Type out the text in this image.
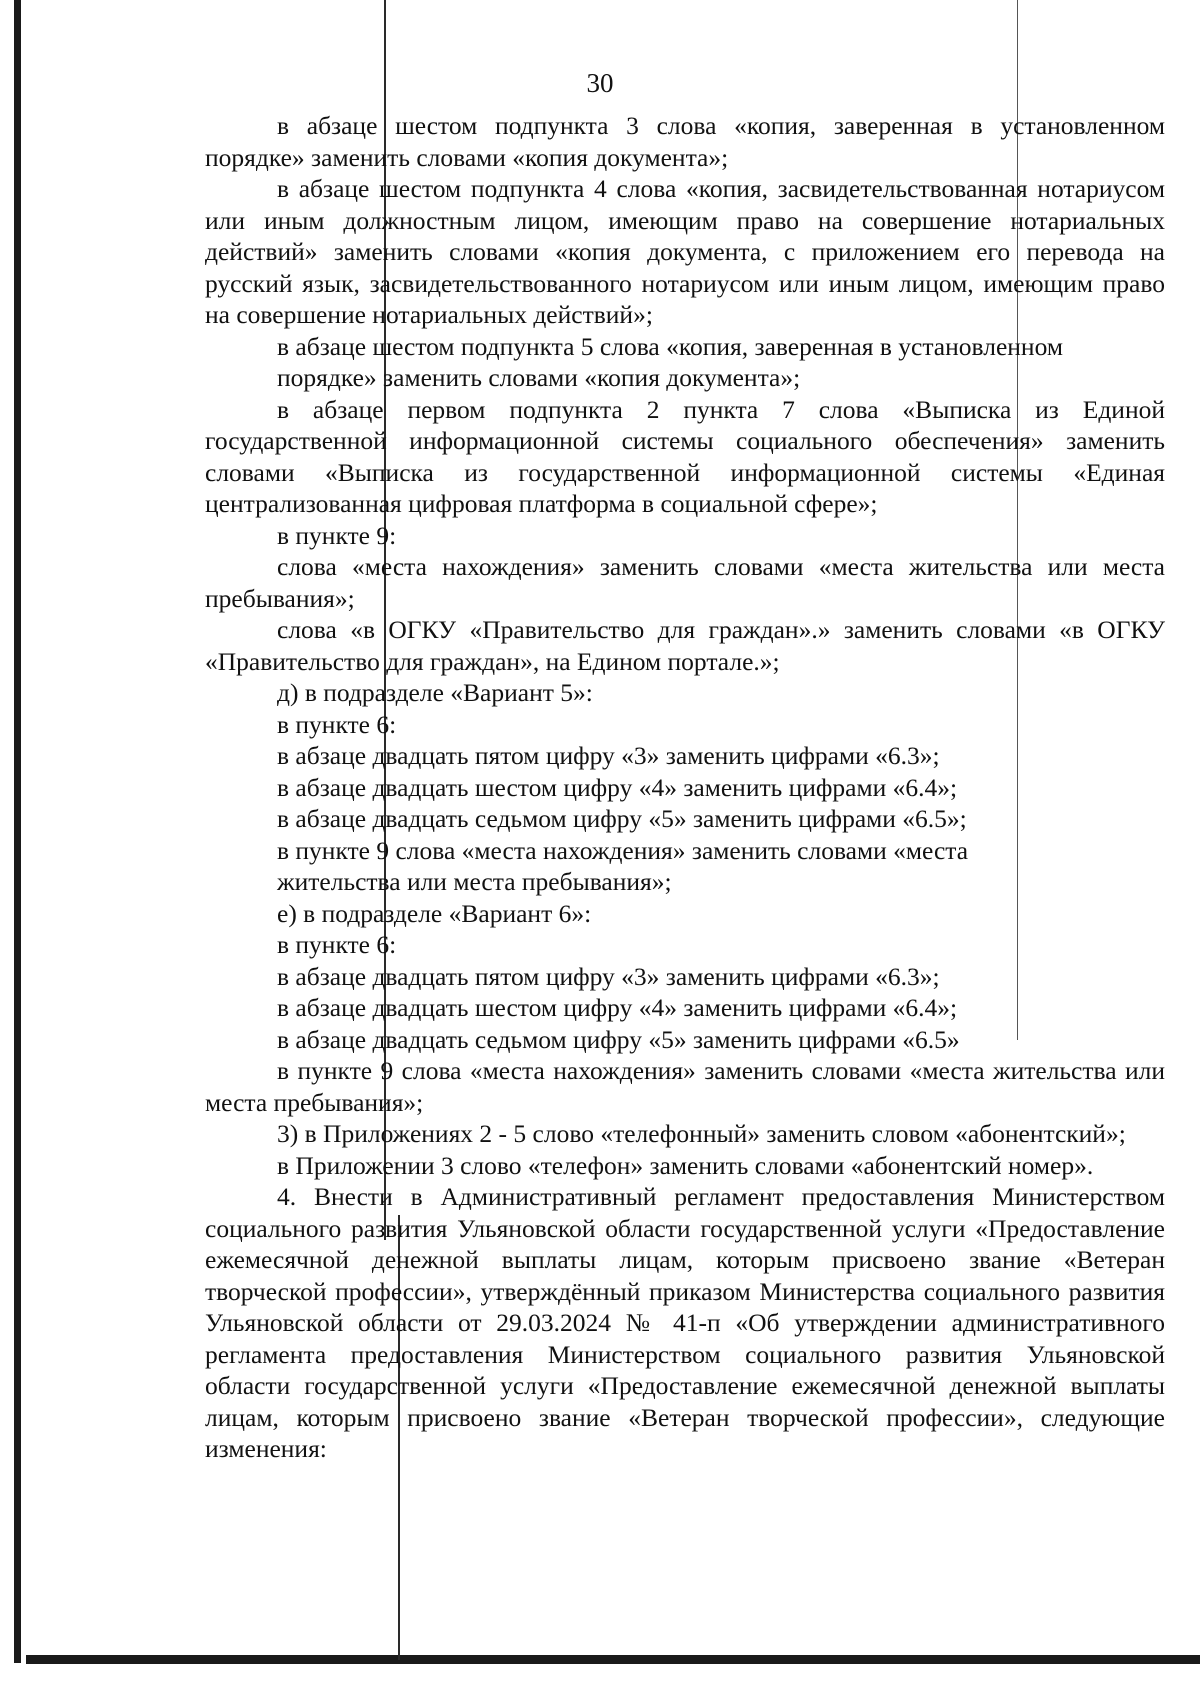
30

в абзаце шестом подпункта 3 слова «копия, заверенная в установленном порядке» заменить словами «копия документа»;

в абзаце шестом подпункта 4 слова «копия, засвидетельствованная нотариусом или иным должностным лицом, имеющим право на совершение нотариальных действий» заменить словами «копия документа, с приложением его перевода на русский язык, засвидетельствованного нотариусом или иным лицом, имеющим право на совершение нотариальных действий»;

в абзаце шестом подпункта 5 слова «копия, заверенная в установленном

порядке» заменить словами «копия документа»;

в абзаце первом подпункта 2 пункта 7 слова «Выписка из Единой государственной информационной системы социального обеспечения» заменить словами «Выписка из государственной информационной системы «Единая централизованная цифровая платформа в социальной сфере»;

в пункте 9:

слова «места нахождения» заменить словами «места жительства или места пребывания»;

слова «в ОГКУ «Правительство для граждан».» заменить словами «в ОГКУ «Правительство для граждан», на Едином портале.»;

д) в подразделе «Вариант 5»:

в пункте 6:

в абзаце двадцать пятом цифру «3» заменить цифрами «6.3»;

в абзаце двадцать шестом цифру «4» заменить цифрами «6.4»;

в абзаце двадцать седьмом цифру «5» заменить цифрами «6.5»;

в пункте 9 слова «места нахождения» заменить словами «места

жительства или места пребывания»;

е) в подразделе «Вариант 6»:

в пункте 6:

в абзаце двадцать пятом цифру «3» заменить цифрами «6.3»;

в абзаце двадцать шестом цифру «4» заменить цифрами «6.4»;

в абзаце двадцать седьмом цифру «5» заменить цифрами «6.5»

в пункте 9 слова «места нахождения» заменить словами «места жительства или места пребывания»;

3) в Приложениях 2 - 5 слово «телефонный» заменить словом «абонентский»;

в Приложении 3 слово «телефон» заменить словами «абонентский номер».

4. Внести в Административный регламент предоставления Министерством социального развития Ульяновской области государственной услуги «Предоставление ежемесячной денежной выплаты лицам, которым присвоено звание «Ветеран творческой профессии», утверждённый приказом Министерства социального развития Ульяновской области от 29.03.2024 № 41-п «Об утверждении административного регламента предоставления Министерством социального развития Ульяновской области государственной услуги «Предоставление ежемесячной денежной выплаты лицам, которым присвоено звание «Ветеран творческой профессии», следующие изменения:
